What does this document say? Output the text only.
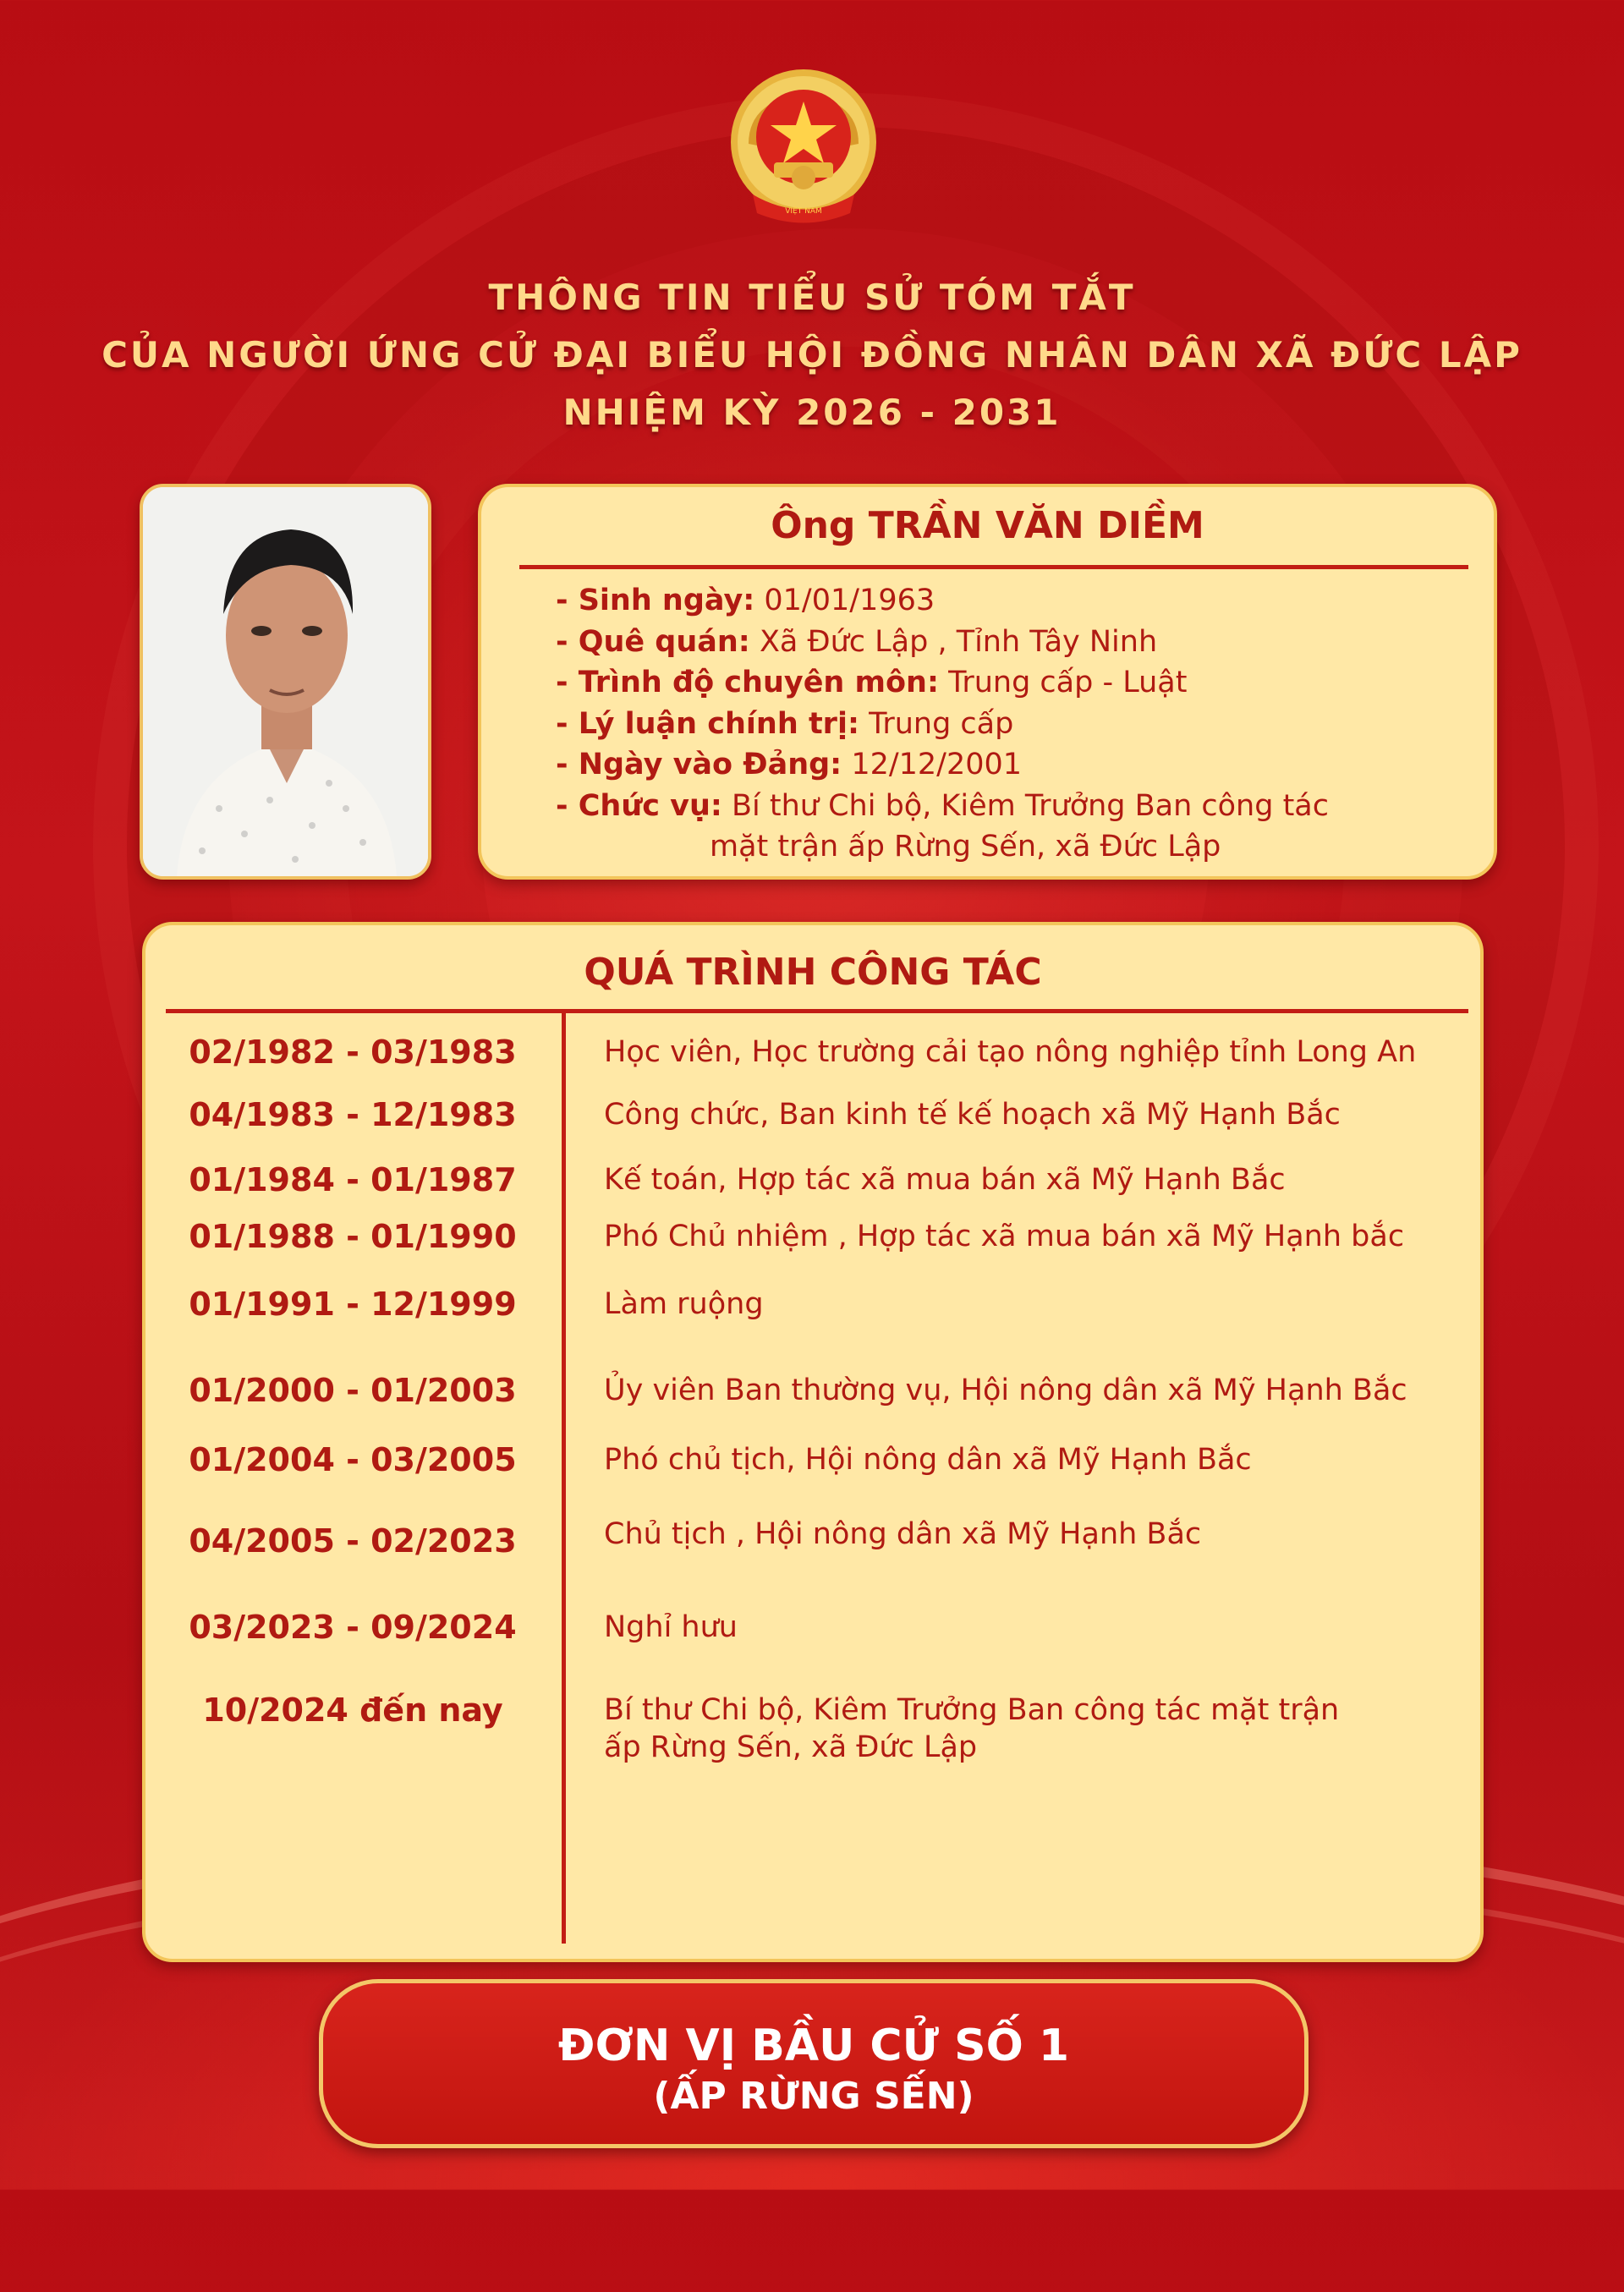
VIỆT NAM
THÔNG TIN TIỂU SỬ TÓM TẮT
CỦA NGƯỜI ỨNG CỬ ĐẠI BIỂU HỘI ĐỒNG NHÂN DÂN XÃ ĐỨC LẬP
NHIỆM KỲ 2026 - 2031
Ông TRẦN VĂN DIỀM
- Sinh ngày: 01/01/1963
- Quê quán: Xã Đức Lập , Tỉnh Tây Ninh
- Trình độ chuyên môn: Trung cấp - Luật
- Lý luận chính trị: Trung cấp
- Ngày vào Đảng: 12/12/2001
- Chức vụ: Bí thư Chi bộ, Kiêm Trưởng Ban công tác
mặt trận ấp Rừng Sến, xã Đức Lập
QUÁ TRÌNH CÔNG TÁC
02/1982 - 03/1983	Học viên, Học trường cải tạo nông nghiệp tỉnh Long An
04/1983 - 12/1983	Công chức, Ban kinh tế kế hoạch xã Mỹ Hạnh Bắc
01/1984 - 01/1987	Kế toán, Hợp tác xã mua bán xã Mỹ Hạnh Bắc
01/1988 - 01/1990	Phó Chủ nhiệm , Hợp tác xã mua bán xã Mỹ Hạnh bắc
01/1991 - 12/1999	Làm ruộng
01/2000 - 01/2003	Ủy viên Ban thường vụ, Hội nông dân xã Mỹ Hạnh Bắc
01/2004 - 03/2005	Phó chủ tịch, Hội nông dân xã Mỹ Hạnh Bắc
04/2005 - 02/2023	Chủ tịch , Hội nông dân xã Mỹ Hạnh Bắc
03/2023 - 09/2024	Nghỉ hưu
10/2024 đến nay	Bí thư Chi bộ, Kiêm Trưởng Ban công tác mặt trận
ấp Rừng Sến, xã Đức Lập
ĐƠN VỊ BẦU CỬ SỐ 1
(ẤP RỪNG SẾN)
